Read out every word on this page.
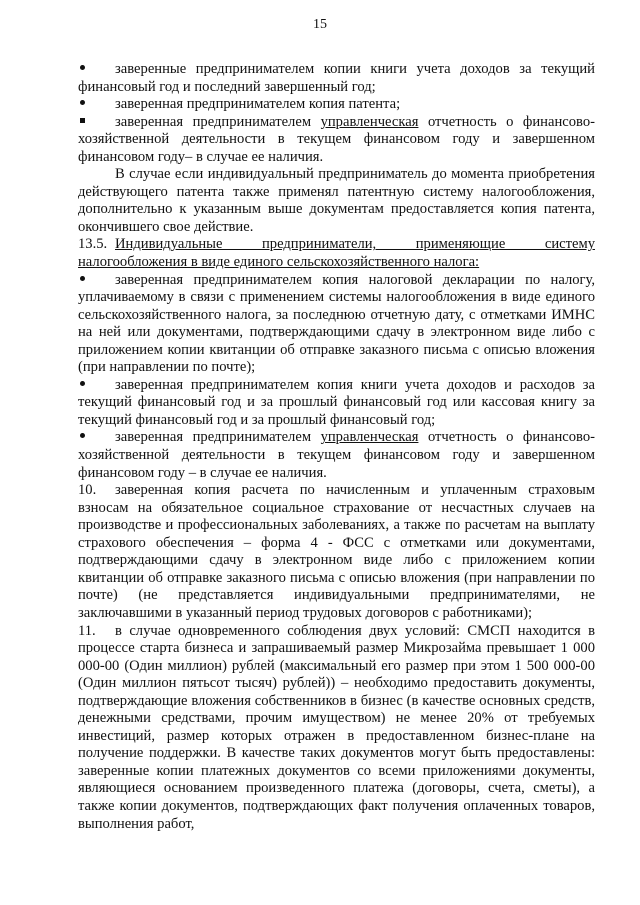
15

заверенные предпринимателем копии книги учета доходов за текущий финансовый год и последний завершенный год;

заверенная предпринимателем копия патента;

заверенная предпринимателем управленческая отчетность о финансово-хозяйственной деятельности в текущем финансовом году и завершенном финансовом году– в случае ее наличия.

В случае если индивидуальный предприниматель до момента приобретения действующего патента также применял патентную систему налогообложения, дополнительно к указанным выше документам предоставляется копия патента, окончившего свое действие.

13.5. Индивидуальные предприниматели, применяющие систему налогообложения в виде единого сельскохозяйственного налога:

заверенная предпринимателем копия налоговой декларации по налогу, уплачиваемому в связи с применением системы налогообложения в виде единого сельскохозяйственного налога, за последнюю отчетную дату, с отметками ИМНС на ней или документами, подтверждающими сдачу в электронном виде либо с приложением копии квитанции об отправке заказного письма с описью вложения (при направлении по почте);

заверенная предпринимателем копия книги учета доходов и расходов за текущий финансовый год и за прошлый финансовый год или кассовая книгу за текущий финансовый год и за прошлый финансовый год;

заверенная предпринимателем управленческая отчетность о финансово-хозяйственной деятельности в текущем финансовом году и завершенном финансовом году – в случае ее наличия.

10. заверенная копия расчета по начисленным и уплаченным страховым взносам на обязательное социальное страхование от несчастных случаев на производстве и профессиональных заболеваниях, а также по расчетам на выплату страхового обеспечения – форма 4 - ФСС с отметками или документами, подтверждающими сдачу в электронном виде либо с приложением копии квитанции об отправке заказного письма с описью вложения (при направлении по почте) (не представляется индивидуальными предпринимателями, не заключавшими в указанный период трудовых договоров с работниками);

11. в случае одновременного соблюдения двух условий: СМСП находится в процессе старта бизнеса и запрашиваемый размер Микрозайма превышает 1 000 000-00 (Один миллион) рублей (максимальный его размер при этом 1 500 000-00 (Один миллион пятьсот тысяч) рублей)) – необходимо предоставить документы, подтверждающие вложения собственников в бизнес (в качестве основных средств, денежными средствами, прочим имуществом) не менее 20% от требуемых инвестиций, размер которых отражен в предоставленном бизнес-плане на получение поддержки. В качестве таких документов могут быть предоставлены: заверенные копии платежных документов со всеми приложениями документы, являющиеся основанием произведенного платежа (договоры, счета, сметы), а также копии документов, подтверждающих факт получения оплаченных товаров, выполнения работ,
